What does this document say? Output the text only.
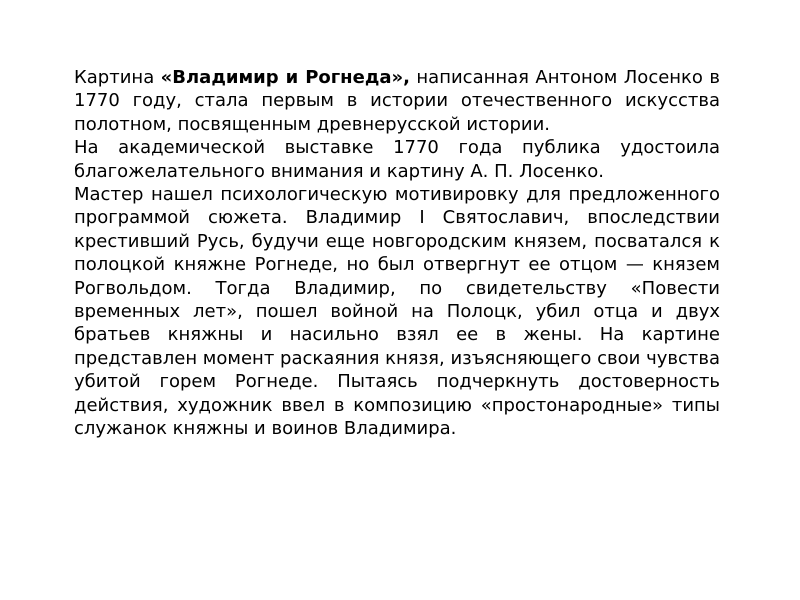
Картина «Владимир и Рогнеда», написанная Антоном Лосенко в 1770 году, стала первым в истории отечественного искусства полотном, посвященным древнерусской истории.

На академической выставке 1770 года публика удостоила благожелательного внимания и картину А. П. Лосенко.

Мастер нашел психологическую мотивировку для предложенного программой сюжета. Владимир I Святославич, впоследствии крестивший Русь, будучи еще новгородским князем, посватался к полоцкой княжне Рогнеде, но был отвергнут ее отцом — князем Рогвольдом. Тогда Владимир, по свидетельству «Повести временных лет», пошел войной на Полоцк, убил отца и двух братьев княжны и насильно взял ее в жены. На картине представлен момент раскаяния князя, изъясняющего свои чувства убитой горем Рогнеде. Пытаясь подчеркнуть достоверность действия, художник ввел в композицию «простонародные» типы служанок княжны и воинов Владимира.
